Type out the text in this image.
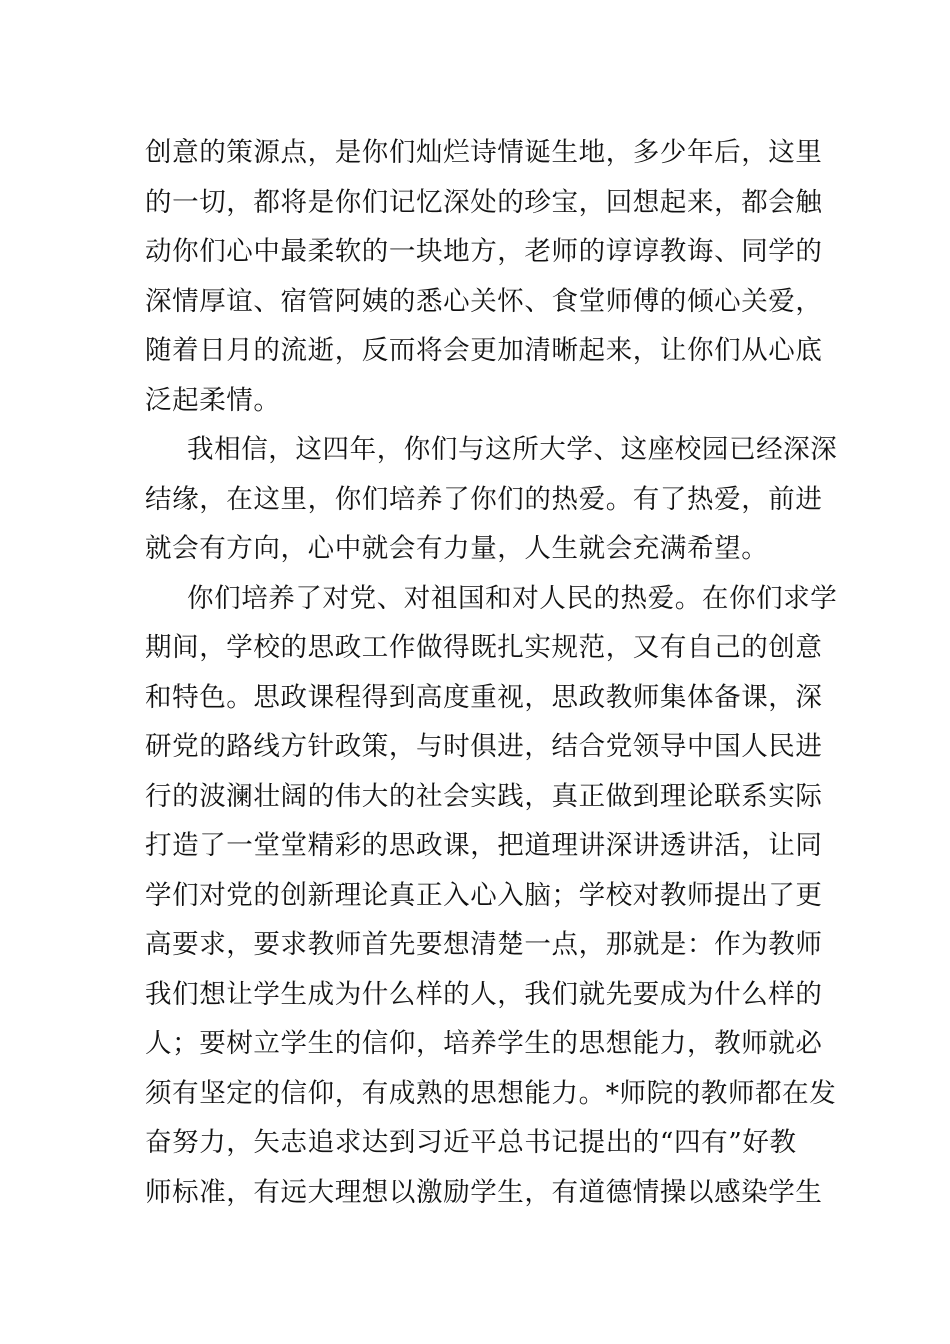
创意的策源点，是你们灿烂诗情诞生地，多少年后，这里
的一切，都将是你们记忆深处的珍宝，回想起来，都会触
动你们心中最柔软的一块地方，老师的谆谆教诲、同学的
深情厚谊、宿管阿姨的悉心关怀、食堂师傅的倾心关爱，
随着日月的流逝，反而将会更加清晰起来，让你们从心底
泛起柔情。

我相信，这四年，你们与这所大学、这座校园已经深深
结缘，在这里，你们培养了你们的热爱。有了热爱，前进
就会有方向，心中就会有力量，人生就会充满希望。

你们培养了对党、对祖国和对人民的热爱。在你们求学
期间，学校的思政工作做得既扎实规范，又有自己的创意
和特色。思政课程得到高度重视，思政教师集体备课，深
研党的路线方针政策，与时俱进，结合党领导中国人民进
行的波澜壮阔的伟大的社会实践，真正做到理论联系实际
打造了一堂堂精彩的思政课，把道理讲深讲透讲活，让同
学们对党的创新理论真正入心入脑；学校对教师提出了更
高要求，要求教师首先要想清楚一点，那就是：作为教师
我们想让学生成为什么样的人，我们就先要成为什么样的
人；要树立学生的信仰，培养学生的思想能力，教师就必
须有坚定的信仰，有成熟的思想能力。*师院的教师都在发
奋努力，矢志追求达到习近平总书记提出的“四有”好教
师标准，有远大理想以激励学生，有道德情操以感染学生
